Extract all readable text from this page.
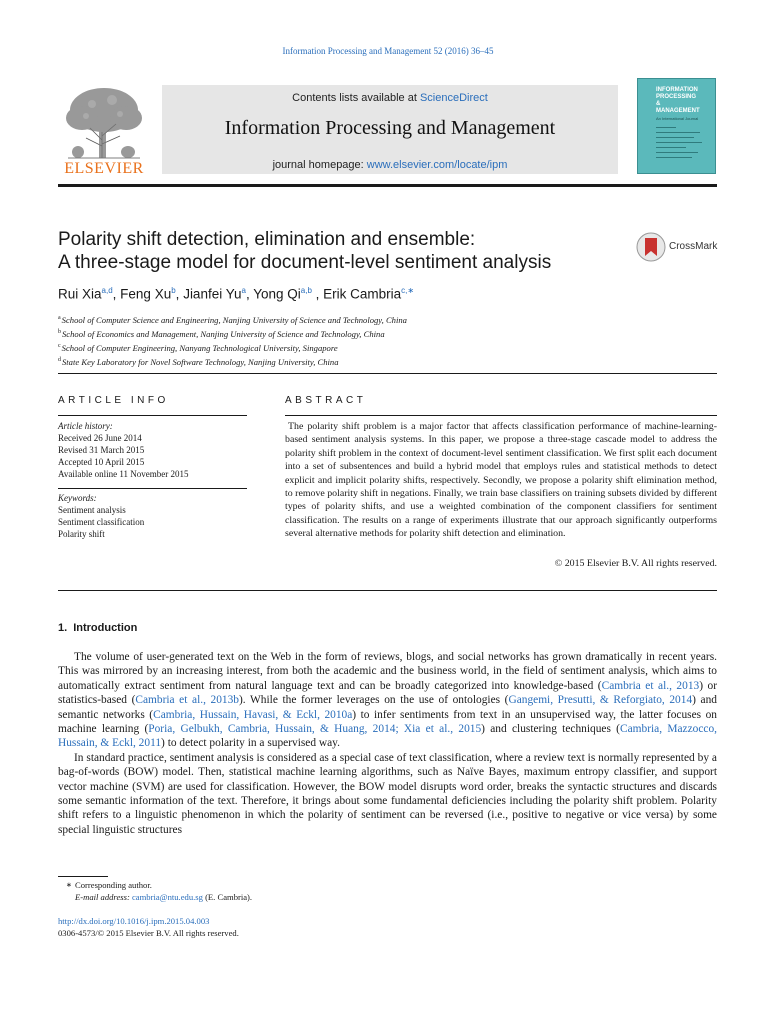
Information Processing and Management 52 (2016) 36–45
ELSEVIER
Contents lists available at ScienceDirect
Information Processing and Management
journal homepage: www.elsevier.com/locate/ipm
INFORMATION
PROCESSING
&
MANAGEMENT
An International Journal
Polarity shift detection, elimination and ensemble:
A three-stage model for document-level sentiment analysis
CrossMark
Rui Xia$^{a,d}$, Feng Xu$^b$, Jianfei Yu$^a$, Yong Qi$^{a,b}$ , Erik Cambria$^{c,∗}$
$^a$School of Computer Science and Engineering, Nanjing University of Science and Technology, China
$^b$School of Economics and Management, Nanjing University of Science and Technology, China
$^c$School of Computer Engineering, Nanyang Technological University, Singapore
$^d$State Key Laboratory for Novel Software Technology, Nanjing University, China
ARTICLE INFO	ABSTRACT
Article history:
Received 26 June 2014
Revised 31 March 2015
Accepted 10 April 2015
Available online 11 November 2015
Keywords:
Sentiment analysis
Sentiment classification
Polarity shift
The polarity shift problem is a major factor that affects classification performance of machine-learning-based sentiment analysis systems. In this paper, we propose a three-stage cascade model to address the polarity shift problem in the context of document-level sentiment classification. We first split each document into a set of subsentences and build a hybrid model that employs rules and statistical methods to detect explicit and implicit polarity shifts, respectively. Secondly, we propose a polarity shift elimination method, to remove polarity shift in negations. Finally, we train base classifiers on training subsets divided by different types of polarity shifts, and use a weighted combination of the component classifiers for sentiment classification. The results on a range of experiments illustrate that our approach significantly outperforms several alternative methods for polarity shift detection and elimination.
© 2015 Elsevier B.V. All rights reserved.
1. Introduction

The volume of user-generated text on the Web in the form of reviews, blogs, and social networks has grown dramatically in recent years. This was mirrored by an increasing interest, from both the academic and the business world, in the field of sentiment analysis, which aims to automatically extract sentiment from natural language text and can be broadly categorized into knowledge-based (Cambria et al., 2013) or statistics-based (Cambria et al., 2013b). While the former leverages on the use of ontologies (Gangemi, Presutti, & Reforgiato, 2014) and semantic networks (Cambria, Hussain, Havasi, & Eckl, 2010a) to infer sentiments from text in an unsupervised way, the latter focuses on machine learning (Poria, Gelbukh, Cambria, Hussain, & Huang, 2014; Xia et al., 2015) and clustering techniques (Cambria, Mazzocco, Hussain, & Eckl, 2011) to detect polarity in a supervised way.

In standard practice, sentiment analysis is considered as a special case of text classification, where a review text is normally represented by a bag-of-words (BOW) model. Then, statistical machine learning algorithms, such as Naïve Bayes, maximum entropy classifier, and support vector machine (SVM) are used for classification. However, the BOW model disrupts word order, breaks the syntactic structures and discards some semantic information of the text. Therefore, it brings about some fundamental deficiencies including the polarity shift problem. Polarity shift refers to a linguistic phenomenon in which the polarity of sentiment can be reversed (i.e., positive to negative or vice versa) by some special linguistic structures

∗ Corresponding author.
E-mail address: cambria@ntu.edu.sg (E. Cambria).
http://dx.doi.org/10.1016/j.ipm.2015.04.003
0306-4573/© 2015 Elsevier B.V. All rights reserved.
